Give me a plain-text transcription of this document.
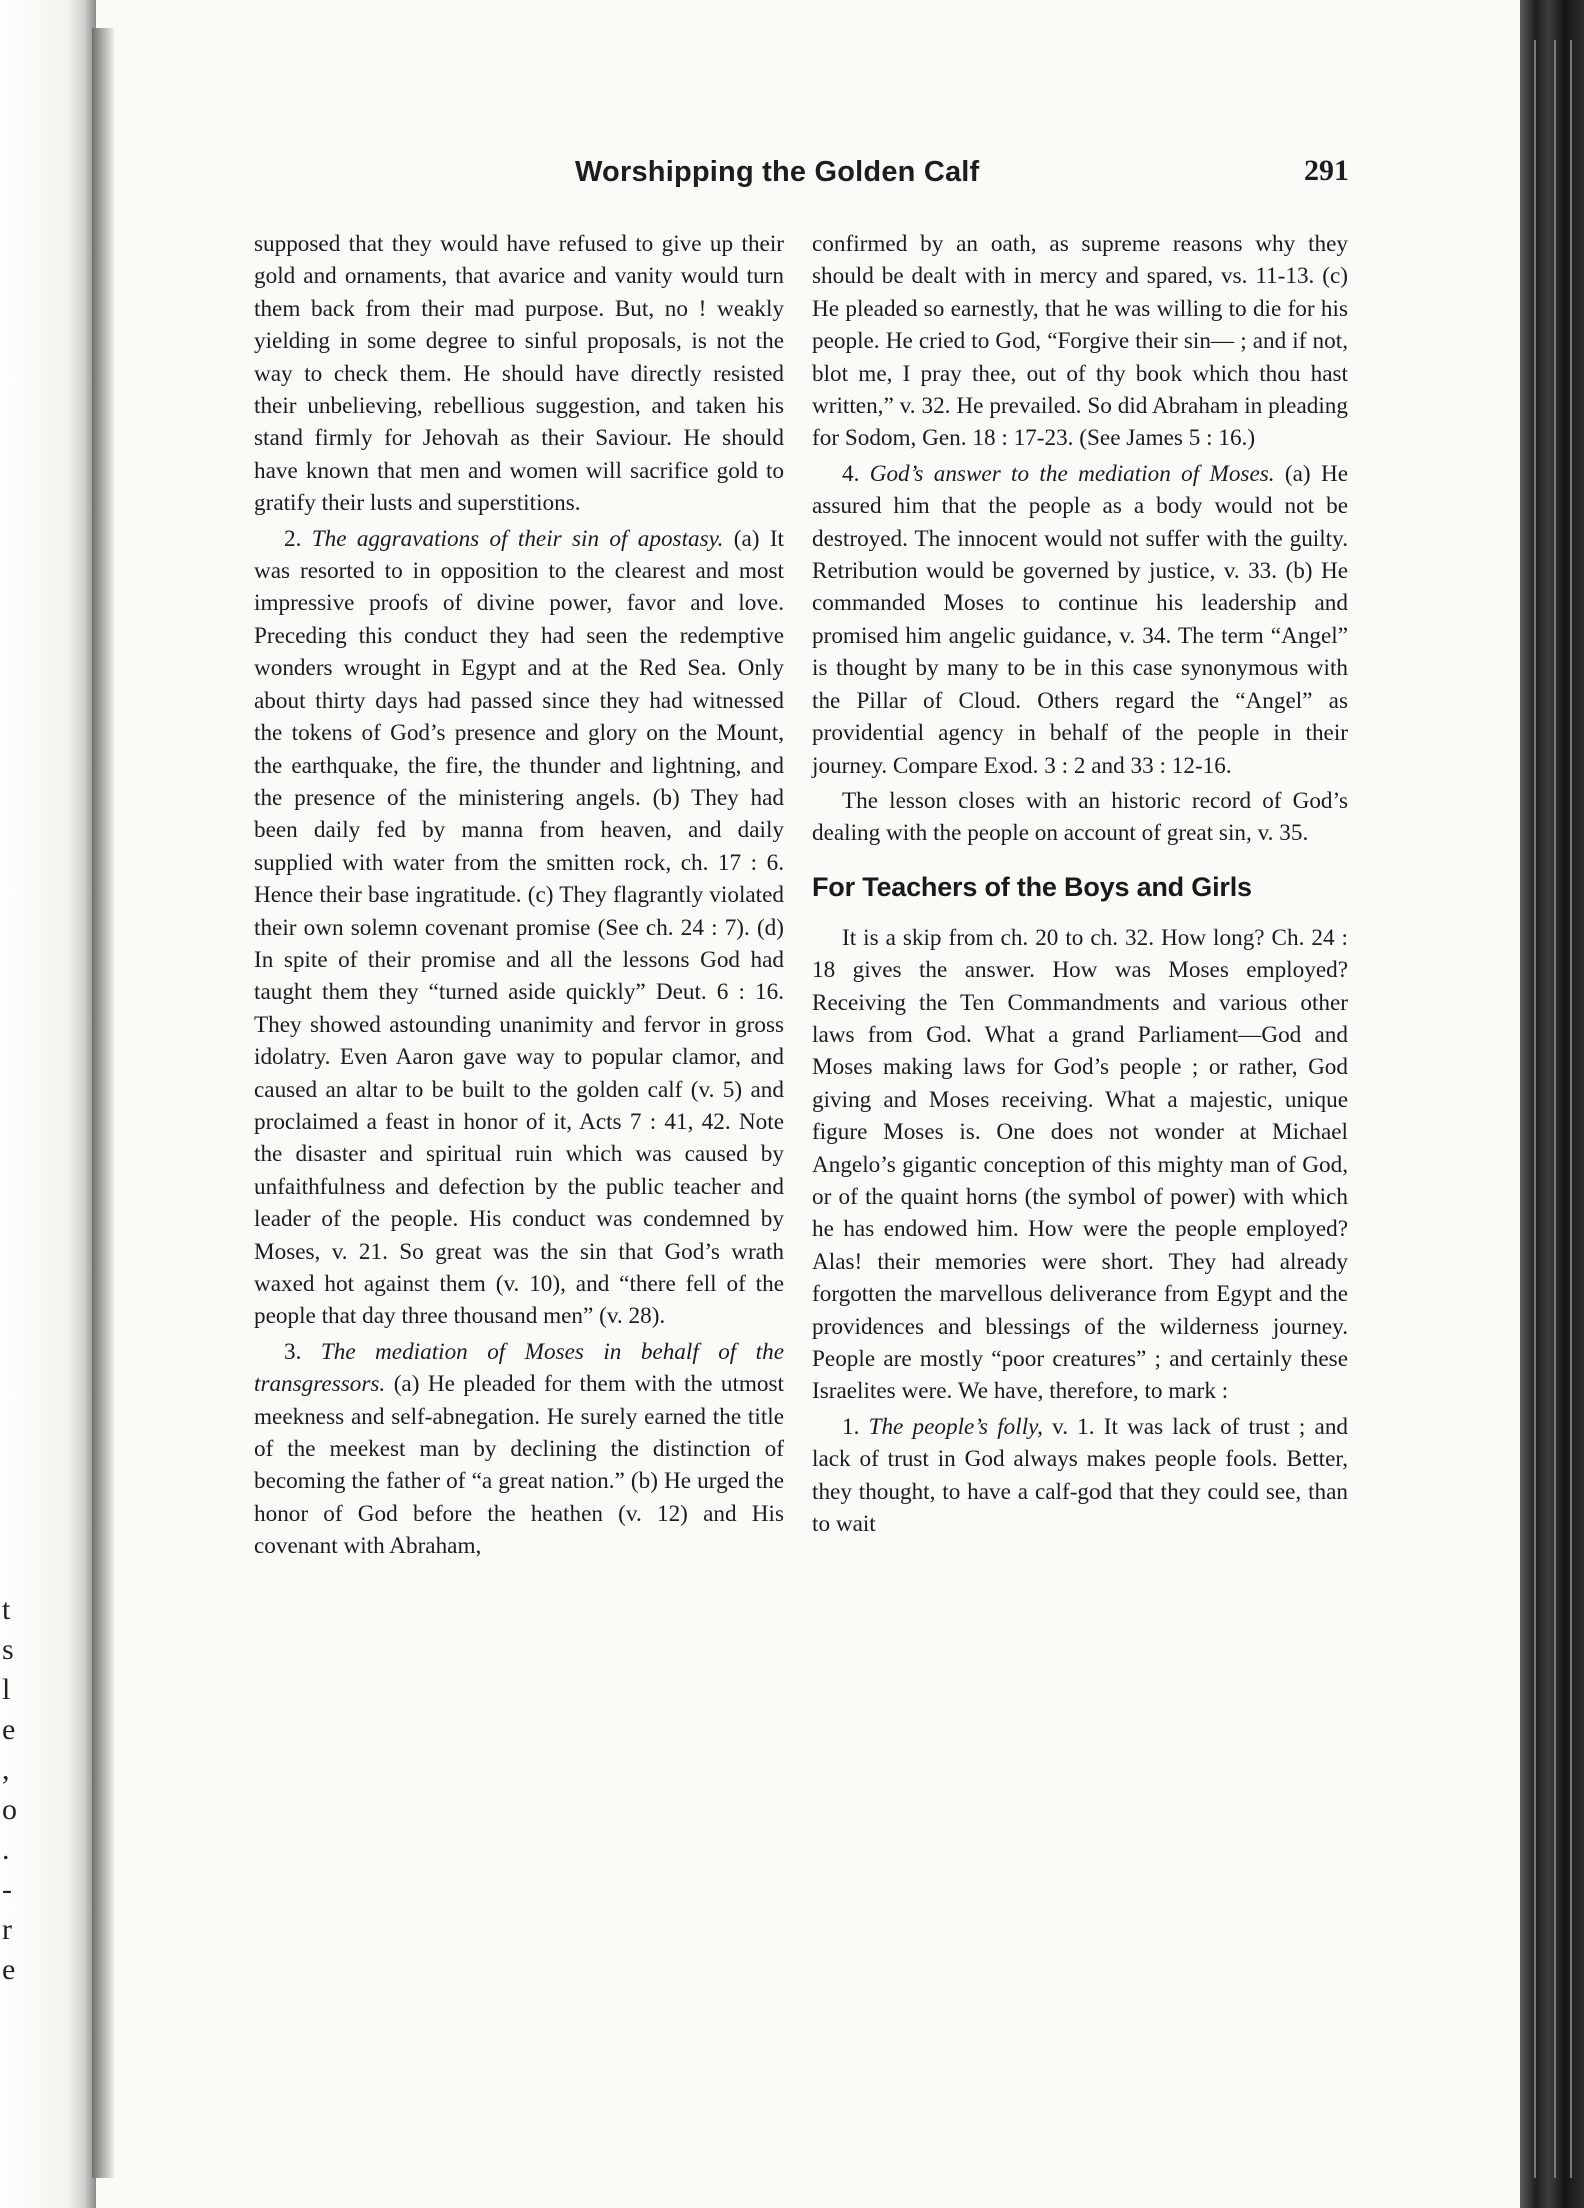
t
s
l
e
,
o
.
-
r
e
Worshipping the Golden Calf	291

supposed that they would have refused to give up their gold and ornaments, that avarice and vanity would turn them back from their mad purpose. But, no ! weakly yielding in some degree to sinful proposals, is not the way to check them. He should have directly resisted their unbelieving, rebellious suggestion, and taken his stand firmly for Jehovah as their Saviour. He should have known that men and women will sacrifice gold to gratify their lusts and superstitions.

2. The aggravations of their sin of apostasy. (a) It was resorted to in opposition to the clearest and most impressive proofs of divine power, favor and love. Preceding this conduct they had seen the redemptive wonders wrought in Egypt and at the Red Sea. Only about thirty days had passed since they had witnessed the tokens of God’s presence and glory on the Mount, the earthquake, the fire, the thunder and lightning, and the presence of the ministering angels. (b) They had been daily fed by manna from heaven, and daily supplied with water from the smitten rock, ch. 17 : 6. Hence their base ingratitude. (c) They flagrantly violated their own solemn covenant promise (See ch. 24 : 7). (d) In spite of their promise and all the lessons God had taught them they “turned aside quickly” Deut. 6 : 16. They showed astounding unanimity and fervor in gross idolatry. Even Aaron gave way to popular clamor, and caused an altar to be built to the golden calf (v. 5) and proclaimed a feast in honor of it, Acts 7 : 41, 42. Note the disaster and spiritual ruin which was caused by unfaithfulness and defection by the public teacher and leader of the people. His conduct was condemned by Moses, v. 21. So great was the sin that God’s wrath waxed hot against them (v. 10), and “there fell of the people that day three thousand men” (v. 28).

3. The mediation of Moses in behalf of the transgressors. (a) He pleaded for them with the utmost meekness and self-abnegation. He surely earned the title of the meekest man by declining the distinction of becoming the father of “a great nation.” (b) He urged the honor of God before the heathen (v. 12) and His covenant with Abraham,

confirmed by an oath, as supreme reasons why they should be dealt with in mercy and spared, vs. 11-13. (c) He pleaded so earnestly, that he was willing to die for his people. He cried to God, “Forgive their sin— ; and if not, blot me, I pray thee, out of thy book which thou hast written,” v. 32. He prevailed. So did Abraham in pleading for Sodom, Gen. 18 : 17-23. (See James 5 : 16.)

4. God’s answer to the mediation of Moses. (a) He assured him that the people as a body would not be destroyed. The innocent would not suffer with the guilty. Retribution would be governed by justice, v. 33. (b) He commanded Moses to continue his leadership and promised him angelic guidance, v. 34. The term “Angel” is thought by many to be in this case synonymous with the Pillar of Cloud. Others regard the “Angel” as providential agency in behalf of the people in their journey. Compare Exod. 3 : 2 and 33 : 12-16.

The lesson closes with an historic record of God’s dealing with the people on account of great sin, v. 35.

For Teachers of the Boys and Girls

It is a skip from ch. 20 to ch. 32. How long? Ch. 24 : 18 gives the answer. How was Moses employed? Receiving the Ten Commandments and various other laws from God. What a grand Parliament—God and Moses making laws for God’s people ; or rather, God giving and Moses receiving. What a majestic, unique figure Moses is. One does not wonder at Michael Angelo’s gigantic conception of this mighty man of God, or of the quaint horns (the symbol of power) with which he has endowed him. How were the people employed? Alas! their memories were short. They had already forgotten the marvellous deliverance from Egypt and the providences and blessings of the wilderness journey. People are mostly “poor creatures” ; and certainly these Israelites were. We have, therefore, to mark :

1. The people’s folly, v. 1. It was lack of trust ; and lack of trust in God always makes people fools. Better, they thought, to have a calf-god that they could see, than to wait
